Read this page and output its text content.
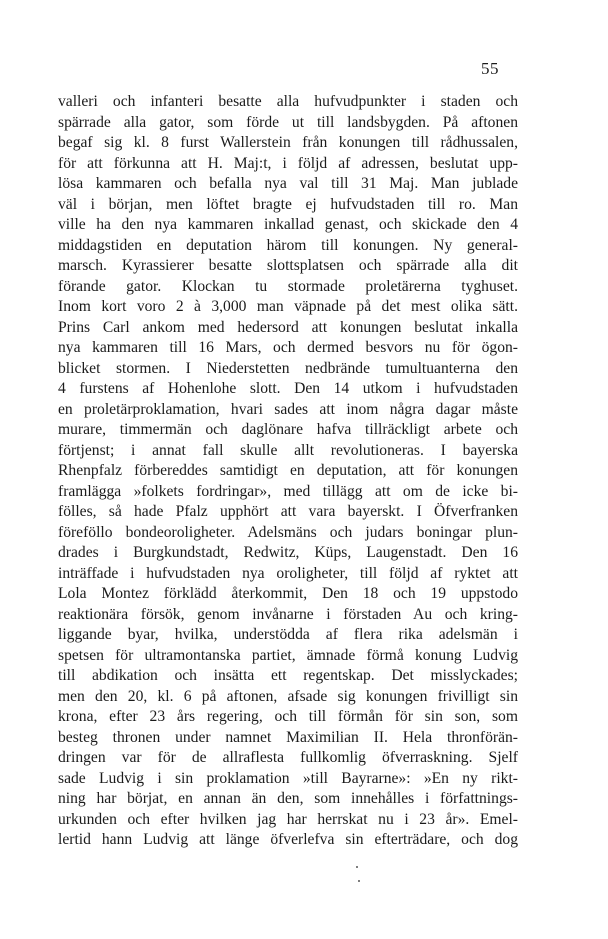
55
valleri och infanteri besatte alla hufvudpunkter i staden och
spärrade alla gator, som förde ut till landsbygden. På aftonen
begaf sig kl. 8 furst Wallerstein från konungen till rådhussalen,
för att förkunna att H. Maj:t, i följd af adressen, beslutat upp-
lösa kammaren och befalla nya val till 31 Maj. Man jublade
väl i början, men löftet bragte ej hufvudstaden till ro. Man
ville ha den nya kammaren inkallad genast, och skickade den 4
middagstiden en deputation härom till konungen. Ny general-
marsch. Kyrassierer besatte slottsplatsen och spärrade alla dit
förande gator. Klockan tu stormade proletärerna tyghuset.
Inom kort voro 2 à 3,000 man väpnade på det mest olika sätt.
Prins Carl ankom med hedersord att konungen beslutat inkalla
nya kammaren till 16 Mars, och dermed besvors nu för ögon-
blicket stormen. I Niederstetten nedbrände tumultuanterna den
4 furstens af Hohenlohe slott. Den 14 utkom i hufvudstaden
en proletärproklamation, hvari sades att inom några dagar måste
murare, timmermän och daglönare hafva tillräckligt arbete och
förtjenst; i annat fall skulle allt revolutioneras. I bayerska
Rhenpfalz förbereddes samtidigt en deputation, att för konungen
framlägga »folkets fordringar», med tillägg att om de icke bi-
fölles, så hade Pfalz upphört att vara bayerskt. I Öfverfranken
föreföllo bondeoroligheter. Adelsmäns och judars boningar plun-
drades i Burgkundstadt, Redwitz, Küps, Laugenstadt. Den 16
inträffade i hufvudstaden nya oroligheter, till följd af ryktet att
Lola Montez förklädd återkommit, Den 18 och 19 uppstodo
reaktionära försök, genom invånarne i förstaden Au och kring-
liggande byar, hvilka, understödda af flera rika adelsmän i
spetsen för ultramontanska partiet, ämnade förmå konung Ludvig
till abdikation och insätta ett regentskap. Det misslyckades;
men den 20, kl. 6 på aftonen, afsade sig konungen frivilligt sin
krona, efter 23 års regering, och till förmån för sin son, som
besteg thronen under namnet Maximilian II. Hela thronförän-
dringen var för de allraflesta fullkomlig öfverraskning. Sjelf
sade Ludvig i sin proklamation »till Bayrarne»: »En ny rikt-
ning har börjat, en annan än den, som innehålles i författnings-
urkunden och efter hvilken jag har herrskat nu i 23 år». Emel-
lertid hann Ludvig att länge öfverlefva sin efterträdare, och dog
